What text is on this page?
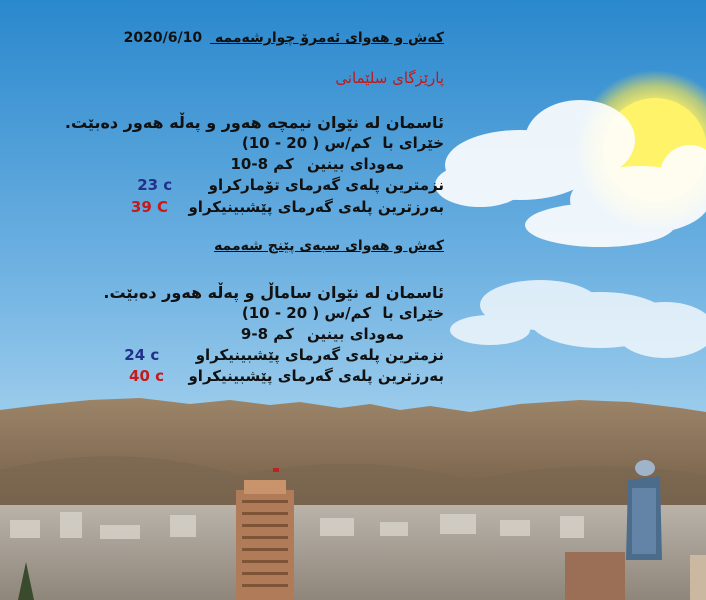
کەش و هەوای ئەمرۆ چوارشەممە 2020/6/10
پارێزگای سلێمانی
ئاسمان لە نێوان نیمچە هەور و پەڵە هەور دەبێت.
خێرای با (10 - 20 ) کم/س
مەودای بینین 10-8 کم
نزمترین پلەی گەرمای تۆمارکراو  23 c
بەرزترین پلەی گەرمای پێشبینیکراو  39 C
کەش و هەوای سبەی پێنج شەممە
ئاسمان لە نێوان ساماڵ و پەڵە هەور دەبێت.
خێرای با (10 - 20 ) کم/س
مەودای بینین 9-8 کم
نزمترین پلەی گەرمای پێشبینیکراو  24 c
بەرزترین پلەی گەرمای پێشبینیکراو  40 c
